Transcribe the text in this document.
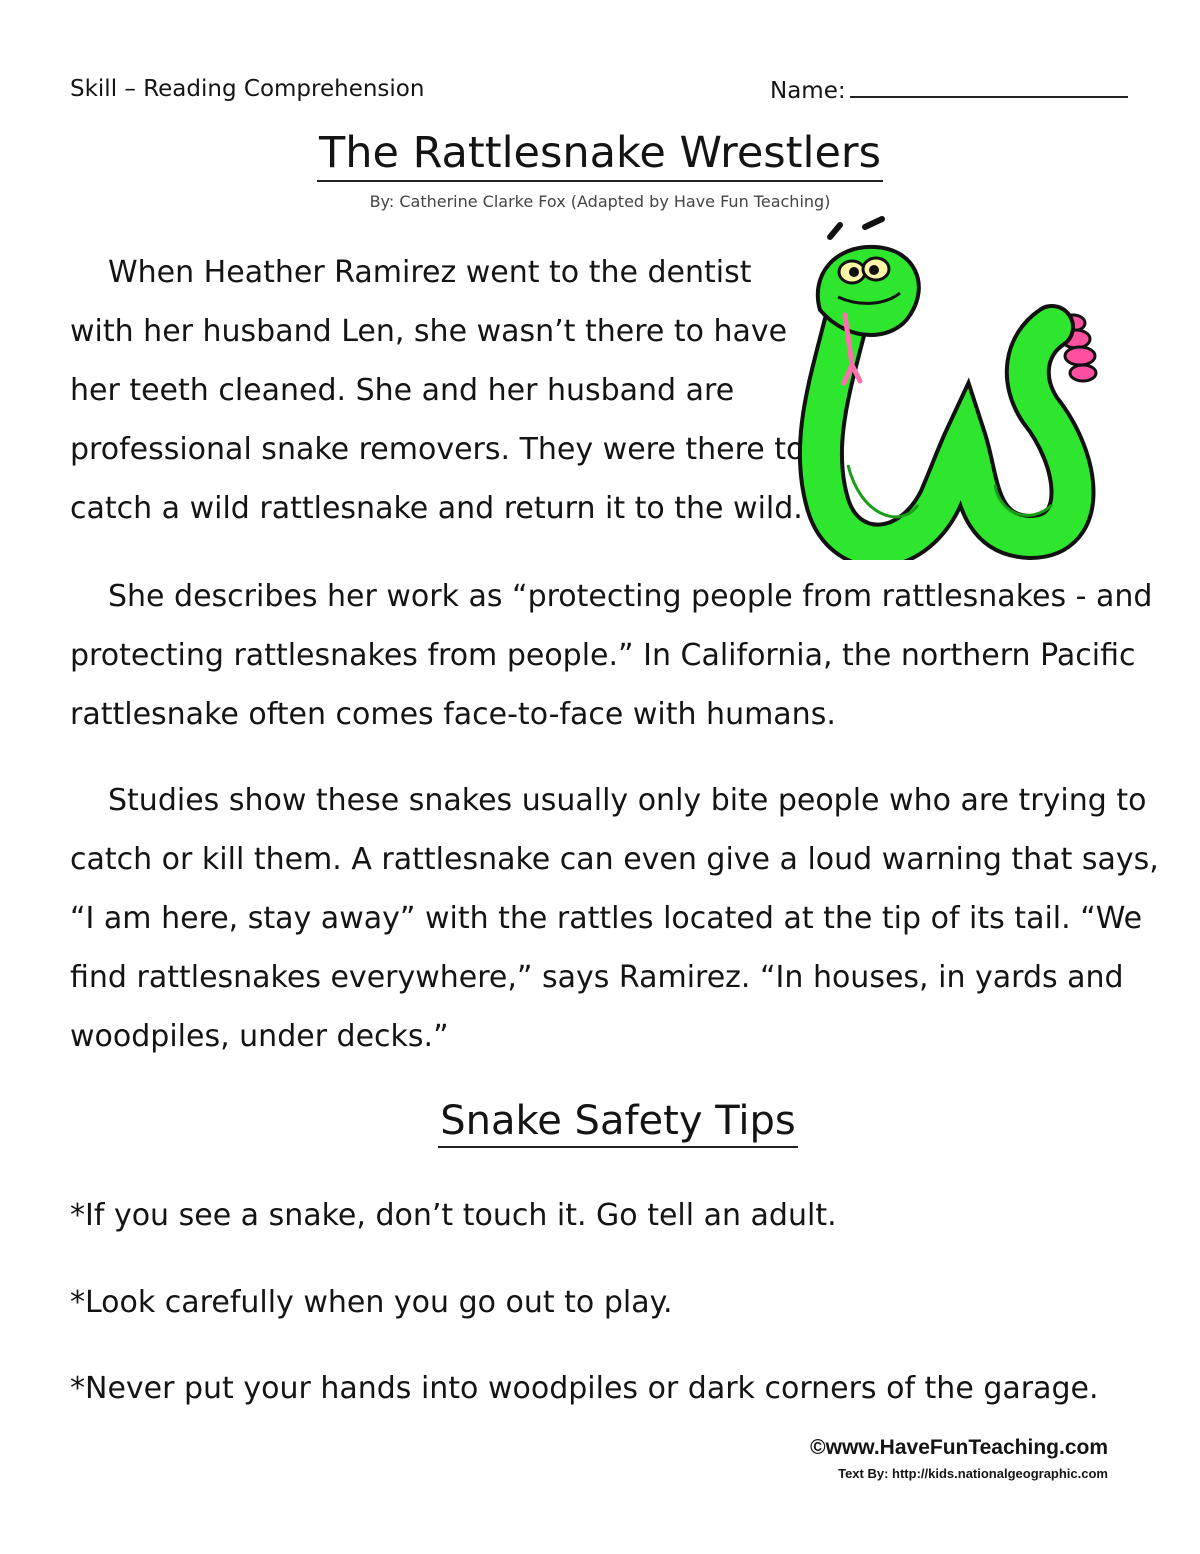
Skill – Reading Comprehension	Name:
The Rattlesnake Wrestlers
By: Catherine Clarke Fox (Adapted by Have Fun Teaching)
When Heather Ramirez went to the dentist
with her husband Len, she wasn’t there to have
her teeth cleaned. She and her husband are
professional snake removers. They were there to
catch a wild rattlesnake and return it to the wild.
She describes her work as “protecting people from rattlesnakes - and
protecting rattlesnakes from people.” In California, the northern Pacific
rattlesnake often comes face-to-face with humans.
Studies show these snakes usually only bite people who are trying to
catch or kill them. A rattlesnake can even give a loud warning that says,
“I am here, stay away” with the rattles located at the tip of its tail. “We
find rattlesnakes everywhere,” says Ramirez. “In houses, in yards and
woodpiles, under decks.”
Snake Safety Tips
*If you see a snake, don’t touch it. Go tell an adult.
*Look carefully when you go out to play.
*Never put your hands into woodpiles or dark corners of the garage.
©www.HaveFunTeaching.com
Text By: http://kids.nationalgeographic.com
